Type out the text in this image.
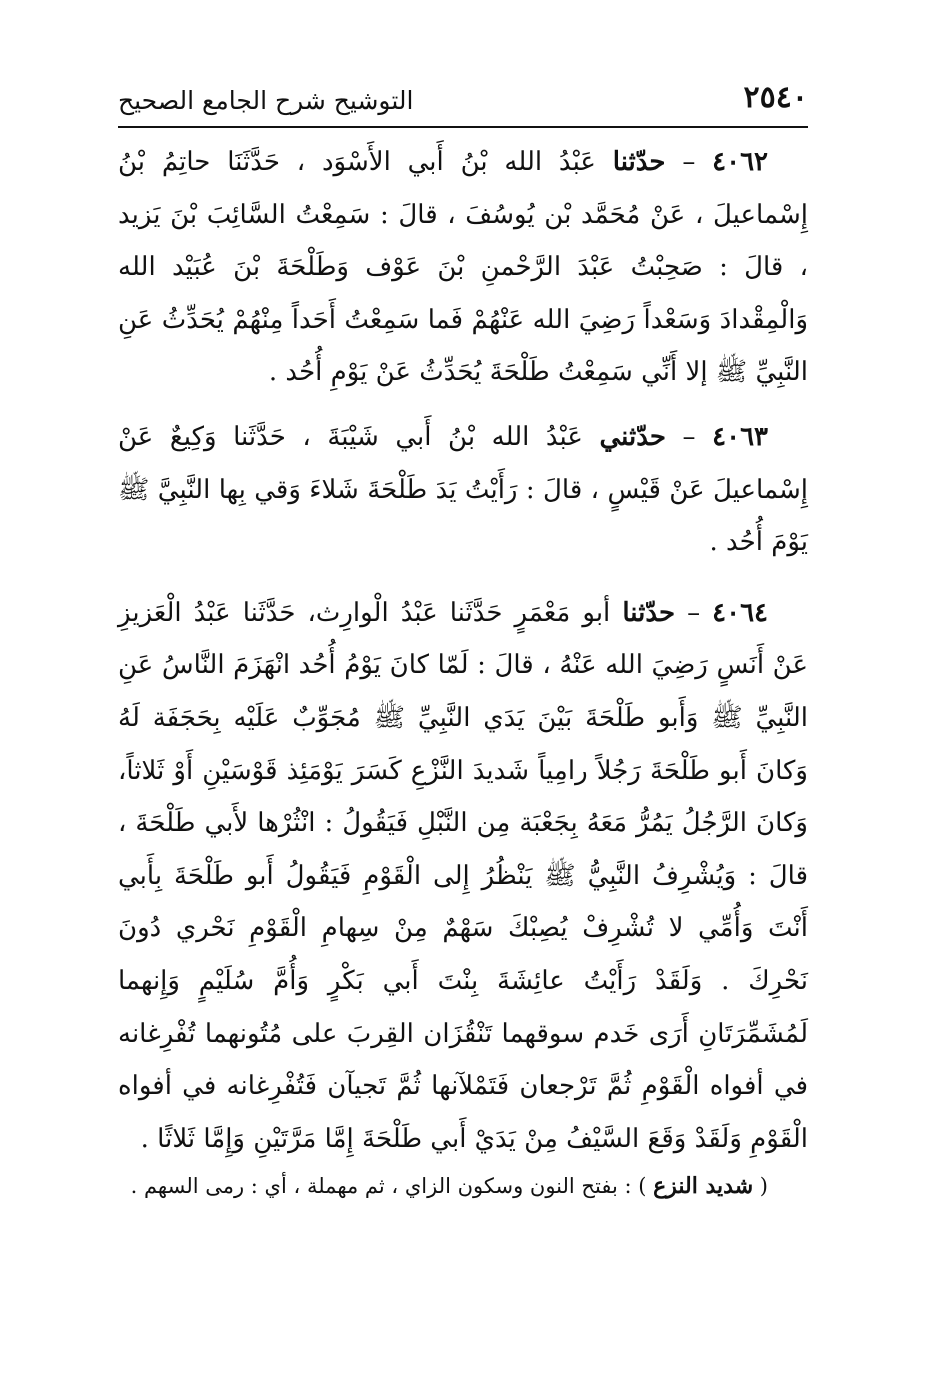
٢٥٤٠
التوشيح شرح الجامع الصحيح

٤٠٦٢ – حدّثنا عَبْدُ الله بْنُ أَبي الأَسْوَد ، حَدَّثَنَا حاتِمُ بْنُ إِسْماعيلَ ، عَنْ مُحَمَّد بْن يُوسُفَ ، قالَ : سَمِعْتُ السَّائِبَ بْنَ يَزيد ، قالَ : صَحِبْتُ عَبْدَ الرَّحْمنِ بْنَ عَوْف وَطَلْحَةَ بْنَ عُبَيْد الله وَالْمِقْدادَ وَسَعْداً رَضِيَ الله عَنْهُمْ فَما سَمِعْتُ أَحَداً مِنْهُمْ يُحَدِّثُ عَنِ النَّبِيِّ ﷺ إلا أَنِّي سَمِعْتُ طَلْحَةَ يُحَدِّثُ عَنْ يَوْمِ أُحُد .

٤٠٦٣ – حدّثني عَبْدُ الله بْنُ أَبي شَيْبَةَ ، حَدَّثَنا وَكِيعٌ عَنْ إِسْماعيلَ عَنْ قَيْسٍ ، قالَ : رَأَيْتُ يَدَ طَلْحَةَ شَلاءَ وَقي بِها النَّبِيَّ ﷺ يَوْمَ أُحُد .

٤٠٦٤ – حدّثنا أبو مَعْمَرٍ حَدَّثَنا عَبْدُ الْوارِث، حَدَّثَنا عَبْدُ الْعَزيزِ عَنْ أَنَسٍ رَضِيَ الله عَنْهُ ، قالَ : لَمّا كانَ يَوْمُ أُحُد انْهَزَمَ النَّاسُ عَنِ النَّبِيِّ ﷺ وَأَبو طَلْحَةَ بَيْنَ يَدَي النَّبِيِّ ﷺ مُجَوِّبٌ عَلَيْه بِحَجَفَة لَهُ وَكانَ أَبو طَلْحَةَ رَجُلاً رامِياً شَديدَ النَّزْعِ كَسَرَ يَوْمَئِذ قَوْسَيْنِ أَوْ ثَلاثاً، وَكانَ الرَّجُلُ يَمُرُّ مَعَهُ بِجَعْبَة مِن النَّبْلِ فَيَقُولُ : انْثُرْها لأَبي طَلْحَةَ ، قالَ : وَيُشْرِفُ النَّبِيُّ ﷺ يَنْظُرُ إِلى الْقَوْمِ فَيَقُولُ أَبو طَلْحَةَ بِأَبي أَنْتَ وَأُمِّي لا تُشْرِفْ يُصِبْكَ سَهْمٌ مِنْ سِهامِ الْقَوْمِ نَحْري دُونَ نَحْرِكَ . وَلَقَدْ رَأَيْتُ عائِشَةَ بِنْتَ أَبي بَكْرٍ وَأُمَّ سُلَيْمٍ وَإِنهما لَمُشَمِّرَتَانِ أَرَى خَدم سوقهما تَنْقُزَان القِربَ على مُتُونهما تُفْرِغانه في أفواه الْقَوْمِ ثُمَّ تَرْجعان فَتَمْلآنها ثُمَّ تَجيآن فَتُفْرِغانه في أفواه الْقَوْمِ وَلَقَدْ وَقَعَ السَّيْفُ مِنْ يَدَيْ أَبي طَلْحَةَ إِمَّا مَرَّتَيْنِ وَإِمَّا ثَلاثًا .

( شديد النزع ) : بفتح النون وسكون الزاي ، ثم مهملة ، أي : رمى السهم .
